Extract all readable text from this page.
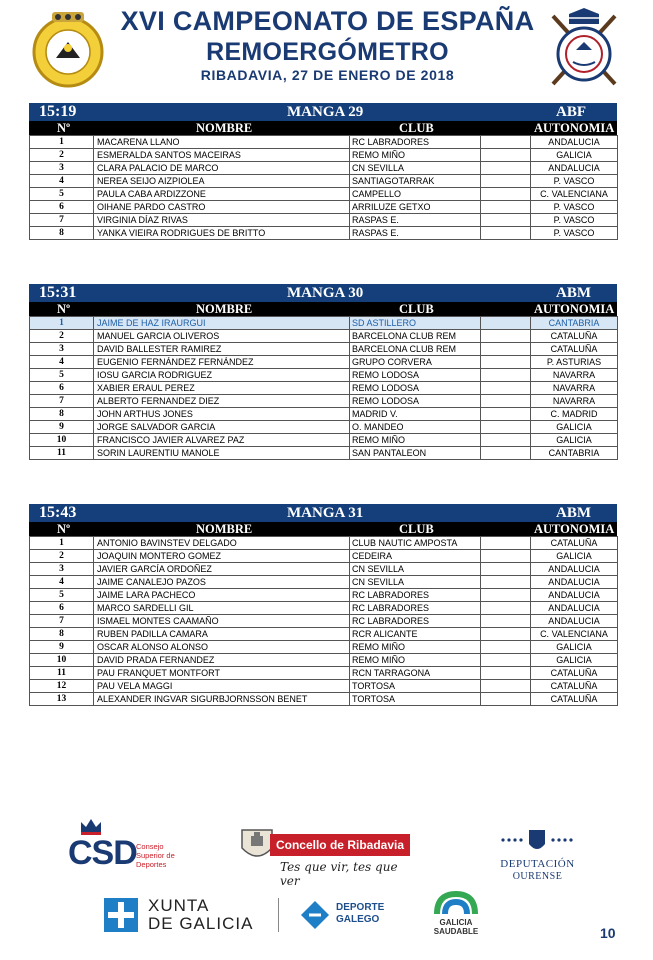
XVI CAMPEONATO DE ESPAÑA
REMOERGÓMETRO
RIBADAVIA, 27 DE ENERO DE 2018
15:19	MANGA 29	ABF
Nº	NOMBRE	CLUB	AUTONOMIA
1	MACARENA LLANO	RC LABRADORES		ANDALUCIA
2	ESMERALDA SANTOS MACEIRAS	REMO MIÑO		GALICIA
3	CLARA PALACIO DE MARCO	CN SEVILLA		ANDALUCIA
4	NEREA SEIJO AIZPIOLEA	SANTIAGOTARRAK		P. VASCO
5	PAULA CABA ARDIZZONE	CAMPELLO		C. VALENCIANA
6	OIHANE PARDO CASTRO	ARRILUZE GETXO		P. VASCO
7	VIRGINIA DÍAZ RIVAS	RASPAS E.		P. VASCO
8	YANKA VIEIRA RODRIGUES DE BRITTO	RASPAS E.		P. VASCO
15:31	MANGA 30	ABM
Nº	NOMBRE	CLUB	AUTONOMIA
1	JAIME DE HAZ IRAURGUI	SD ASTILLERO		CANTABRIA
2	MANUEL GARCIA OLIVEROS	BARCELONA CLUB REM		CATALUÑA
3	DAVID BALLESTER RAMIREZ	BARCELONA CLUB REM		CATALUÑA
4	EUGENIO FERNÁNDEZ FERNÁNDEZ	GRUPO CORVERA		P. ASTURIAS
5	IOSU GARCIA RODRIGUEZ	REMO LODOSA		NAVARRA
6	XABIER ERAUL PEREZ	REMO LODOSA		NAVARRA
7	ALBERTO FERNANDEZ DIEZ	REMO LODOSA		NAVARRA
8	JOHN ARTHUS JONES	MADRID V.		C. MADRID
9	JORGE SALVADOR GARCIA	O. MANDEO		GALICIA
10	FRANCISCO JAVIER ALVAREZ PAZ	REMO MIÑO		GALICIA
11	SORIN LAURENTIU MANOLE	SAN PANTALEON		CANTABRIA
15:43	MANGA 31	ABM
Nº	NOMBRE	CLUB	AUTONOMIA
1	ANTONIO BAVINSTEV DELGADO	CLUB NAUTIC AMPOSTA		CATALUÑA
2	JOAQUIN MONTERO GOMEZ	CEDEIRA		GALICIA
3	JAVIER GARCÍA ORDOÑEZ	CN SEVILLA		ANDALUCIA
4	JAIME CANALEJO PAZOS	CN SEVILLA		ANDALUCIA
5	JAIME LARA PACHECO	RC LABRADORES		ANDALUCIA
6	MARCO SARDELLI GIL	RC LABRADORES		ANDALUCIA
7	ISMAEL MONTES CAAMAÑO	RC LABRADORES		ANDALUCIA
8	RUBEN PADILLA CAMARA	RCR ALICANTE		C. VALENCIANA
9	OSCAR ALONSO ALONSO	REMO MIÑO		GALICIA
10	DAVID PRADA FERNANDEZ	REMO MIÑO		GALICIA
11	PAU FRANQUET MONTFORT	RCN TARRAGONA		CATALUÑA
12	PAU VELA MAGGI	TORTOSA		CATALUÑA
13	ALEXANDER INGVAR SIGURBJORNSSON BENET	TORTOSA		CATALUÑA
CSD Consejo Superior de Deportes
Concello de Ribadavia
Tes que vir, tes que ver
DEPUTACIÓN
OURENSE
XUNTA
DE GALICIA
DEPORTE
GALEGO	GALICIA
SAUDABLE	10
